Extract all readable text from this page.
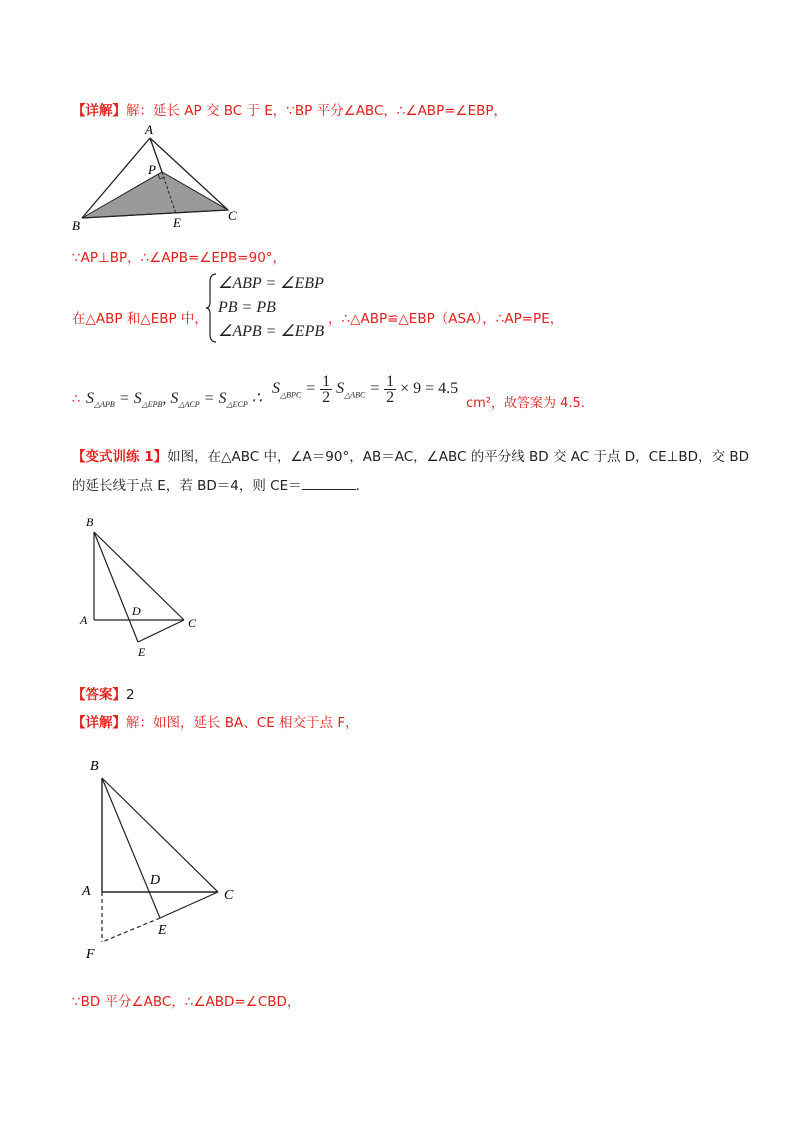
【详解】解：延长 AP 交 BC 于 E，∵BP 平分∠ABC，∴∠ABP=∠EBP，
A
P
B	E	C
∵AP⊥BP，∴∠APB=∠EPB=90°，
在△ABP 和△EBP 中，
∠ABP = ∠EBP
PB = PB
∠APB = ∠EPB
，∴△ABP≌△EBP（ASA），∴AP=PE，
∴ $S_{\triangle APB} = S_{\triangle EPB}$, $S_{\triangle ACP} = S_{\triangle ECP}$ ∴
$S_{\triangle BPC} = \frac{1}{2} S_{\triangle ABC} = \frac{1}{2} \times 9 = 4.5$
cm²，故答案为 4.5.
【变式训练 1】如图，在△ABC 中，∠A＝90°，AB＝AC，∠ABC 的平分线 BD 交 AC 于点 D，CE⊥BD，交 BD
的延长线于点 E，若 BD＝4，则 CE＝	.
B
A
D
C
E
【答案】2
【详解】解：如图，延长 BA、CE 相交于点 F，
B
A
D
C
E
F
∵BD 平分∠ABC，∴∠ABD=∠CBD，
